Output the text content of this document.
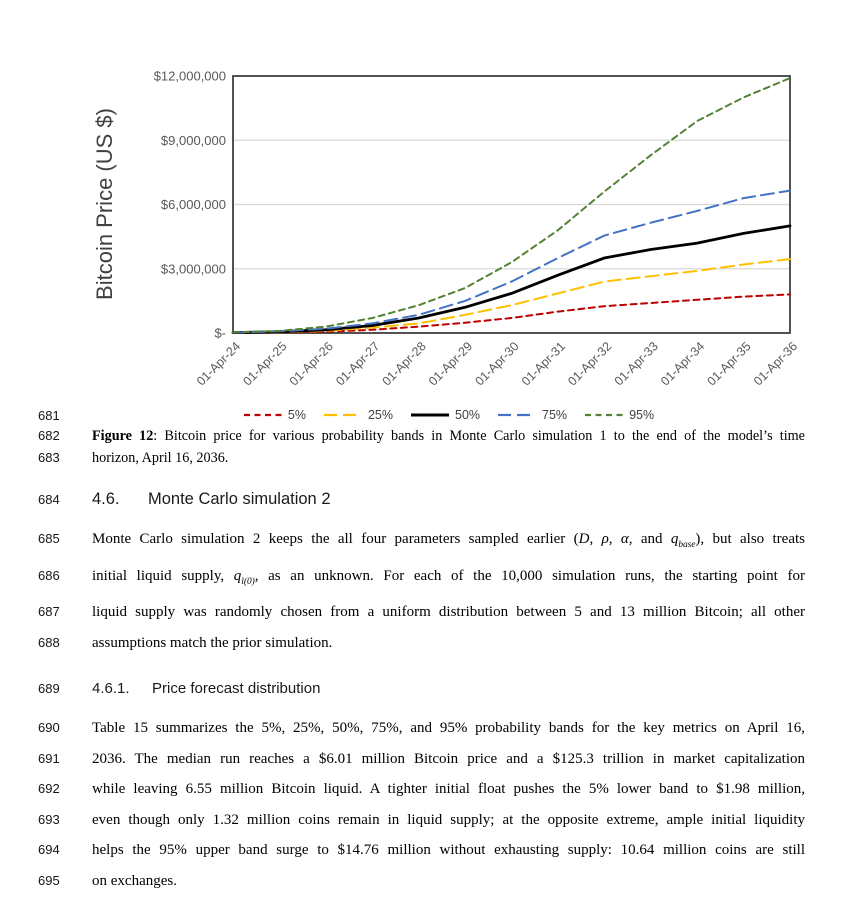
$-
$3,000,000
$6,000,000
$9,000,000
$12,000,000
01-Apr-24
01-Apr-25
01-Apr-26
01-Apr-27
01-Apr-28
01-Apr-29
01-Apr-30
01-Apr-31
01-Apr-32
01-Apr-33
01-Apr-34
01-Apr-35
01-Apr-36
Bitcoin Price (US $)
681	5%	25%	50%	75%	95%
682	Figure 12: Bitcoin price for various probability bands in Monte Carlo simulation 1 to the end of the model’s time
683	horizon, April 16, 2036.
684	4.6. Monte Carlo simulation 2
685	Monte Carlo simulation 2 keeps the all four parameters sampled earlier (D, ρ, α, and $q_{base}$), but also treats
686	initial liquid supply, $q_{l(0)}$, as an unknown. For each of the 10,000 simulation runs, the starting point for
687	liquid supply was randomly chosen from a uniform distribution between 5 and 13 million Bitcoin; all other
688	assumptions match the prior simulation.
689	4.6.1. Price forecast distribution
690	Table 15 summarizes the 5%, 25%, 50%, 75%, and 95% probability bands for the key metrics on April 16,
691	2036. The median run reaches a $6.01 million Bitcoin price and a $125.3 trillion in market capitalization
692	while leaving 6.55 million Bitcoin liquid. A tighter initial float pushes the 5% lower band to $1.98 million,
693	even though only 1.32 million coins remain in liquid supply; at the opposite extreme, ample initial liquidity
694	helps the 95% upper band surge to $14.76 million without exhausting supply: 10.64 million coins are still
695	on exchanges.
